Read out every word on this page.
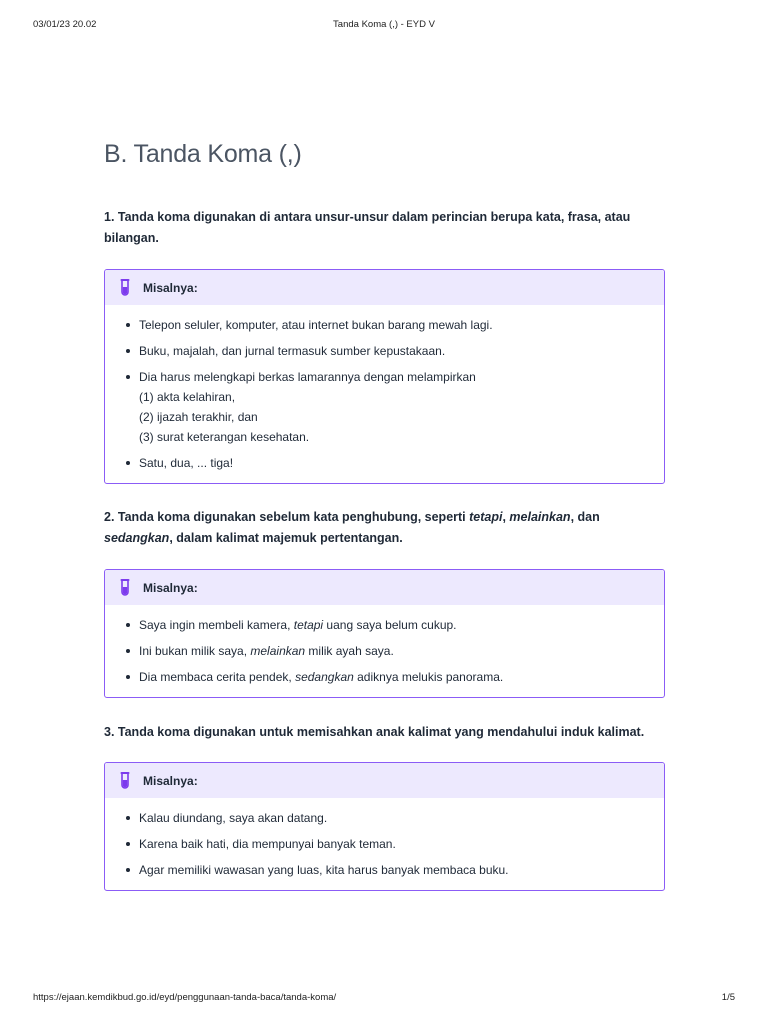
03/01/23 20.02	Tanda Koma (,) - EYD V
B. Tanda Koma (,)

1. Tanda koma digunakan di antara unsur-unsur dalam perincian berupa kata, frasa, atau bilangan.

Misalnya:
Telepon seluler, komputer, atau internet bukan barang mewah lagi.
Buku, majalah, dan jurnal termasuk sumber kepustakaan.
Dia harus melengkapi berkas lamarannya dengan melampirkan
(1) akta kelahiran,
(2) ijazah terakhir, dan
(3) surat keterangan kesehatan.
Satu, dua, ... tiga!

2. Tanda koma digunakan sebelum kata penghubung, seperti tetapi, melainkan, dan sedangkan, dalam kalimat majemuk pertentangan.

Misalnya:
Saya ingin membeli kamera, tetapi uang saya belum cukup.
Ini bukan milik saya, melainkan milik ayah saya.
Dia membaca cerita pendek, sedangkan adiknya melukis panorama.

3. Tanda koma digunakan untuk memisahkan anak kalimat yang mendahului induk kalimat.

Misalnya:
Kalau diundang, saya akan datang.
Karena baik hati, dia mempunyai banyak teman.
Agar memiliki wawasan yang luas, kita harus banyak membaca buku.
https://ejaan.kemdikbud.go.id/eyd/penggunaan-tanda-baca/tanda-koma/	1/5
